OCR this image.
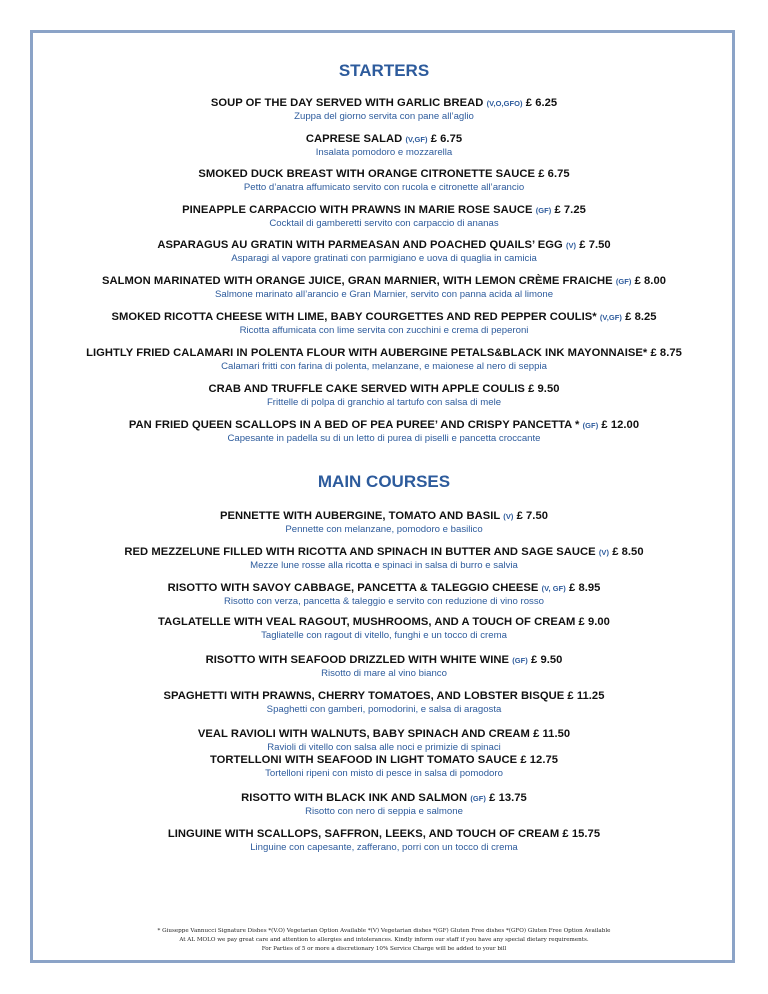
STARTERS
SOUP OF THE DAY SERVED WITH GARLIC BREAD (V,O,GFO) £ 6.25
Zuppa del giorno servita con pane all’aglio
CAPRESE SALAD (V,GF) £ 6.75
Insalata pomodoro e mozzarella
SMOKED DUCK BREAST WITH ORANGE CITRONETTE SAUCE £ 6.75
Petto d’anatra affumicato servito con rucola e citronette all’arancio
PINEAPPLE CARPACCIO WITH PRAWNS IN MARIE ROSE SAUCE (GF) £ 7.25
Cocktail di gamberetti servito con carpaccio di ananas
ASPARAGUS AU GRATIN WITH PARMEASAN AND POACHED QUAILS’ EGG (V) £ 7.50
Asparagi al vapore gratinati con parmigiano e uova di quaglia in camicia
SALMON MARINATED WITH ORANGE JUICE, GRAN MARNIER, WITH LEMON CRÈME FRAICHE (GF) £ 8.00
Salmone marinato all’arancio e Gran Marnier, servito con panna acida al limone
SMOKED RICOTTA CHEESE WITH LIME, BABY COURGETTES AND RED PEPPER COULIS* (V,GF) £ 8.25
Ricotta affumicata con lime servita con zucchini e crema di peperoni
LIGHTLY FRIED CALAMARI IN POLENTA FLOUR WITH AUBERGINE PETALS&BLACK INK MAYONNAISE* £ 8.75
Calamari fritti con farina di polenta, melanzane, e maionese al nero di seppia
CRAB AND TRUFFLE CAKE SERVED WITH APPLE COULIS £ 9.50
Frittelle di polpa di granchio al tartufo con salsa di mele
PAN FRIED QUEEN SCALLOPS IN A BED OF PEA PUREE’ AND CRISPY PANCETTA * (GF) £ 12.00
Capesante in padella su di un letto di purea di piselli e pancetta croccante
MAIN COURSES
PENNETTE WITH AUBERGINE, TOMATO AND BASIL (V) £ 7.50
Pennette con melanzane, pomodoro e basilico
RED MEZZELUNE FILLED WITH RICOTTA AND SPINACH IN BUTTER AND SAGE SAUCE (V) £ 8.50
Mezze lune rosse alla ricotta e spinaci in salsa di burro e salvia
RISOTTO WITH SAVOY CABBAGE, PANCETTA & TALEGGIO CHEESE (V, GF) £ 8.95
Risotto con verza, pancetta & taleggio e servito con reduzione di vino rosso
TAGLATELLE WITH VEAL RAGOUT, MUSHROOMS, AND A TOUCH OF CREAM £ 9.00
Tagliatelle con ragout di vitello, funghi e un tocco di crema
RISOTTO WITH SEAFOOD DRIZZLED WITH WHITE WINE (GF) £ 9.50
Risotto di mare al vino bianco
SPAGHETTI WITH PRAWNS, CHERRY TOMATOES, AND LOBSTER BISQUE £ 11.25
Spaghetti con gamberi, pomodorini, e salsa di aragosta
VEAL RAVIOLI WITH WALNUTS, BABY SPINACH AND CREAM £ 11.50
Ravioli di vitello con salsa alle noci e primizie di spinaci
TORTELLONI WITH SEAFOOD IN LIGHT TOMATO SAUCE £ 12.75
Tortelloni ripeni con misto di pesce in salsa di pomodoro
RISOTTO WITH BLACK INK AND SALMON (GF) £ 13.75
Risotto con nero di seppia e salmone
LINGUINE WITH SCALLOPS, SAFFRON, LEEKS, AND TOUCH OF CREAM £ 15.75
Linguine con capesante, zafferano, porri con un tocco di crema
* Giuseppe Vannucci Signature Dishes *(V.O) Vegetarian Option Available *(V) Vegetarian dishes *(GF) Gluten Free dishes *(GFO) Gluten Free Option Available
At AL MOLO we pay great care and attention to allergies and intolerances. Kindly inform our staff if you have any special dietary requirements.
For Parties of 5 or more a discretionary 10% Service Charge will be added to your bill
